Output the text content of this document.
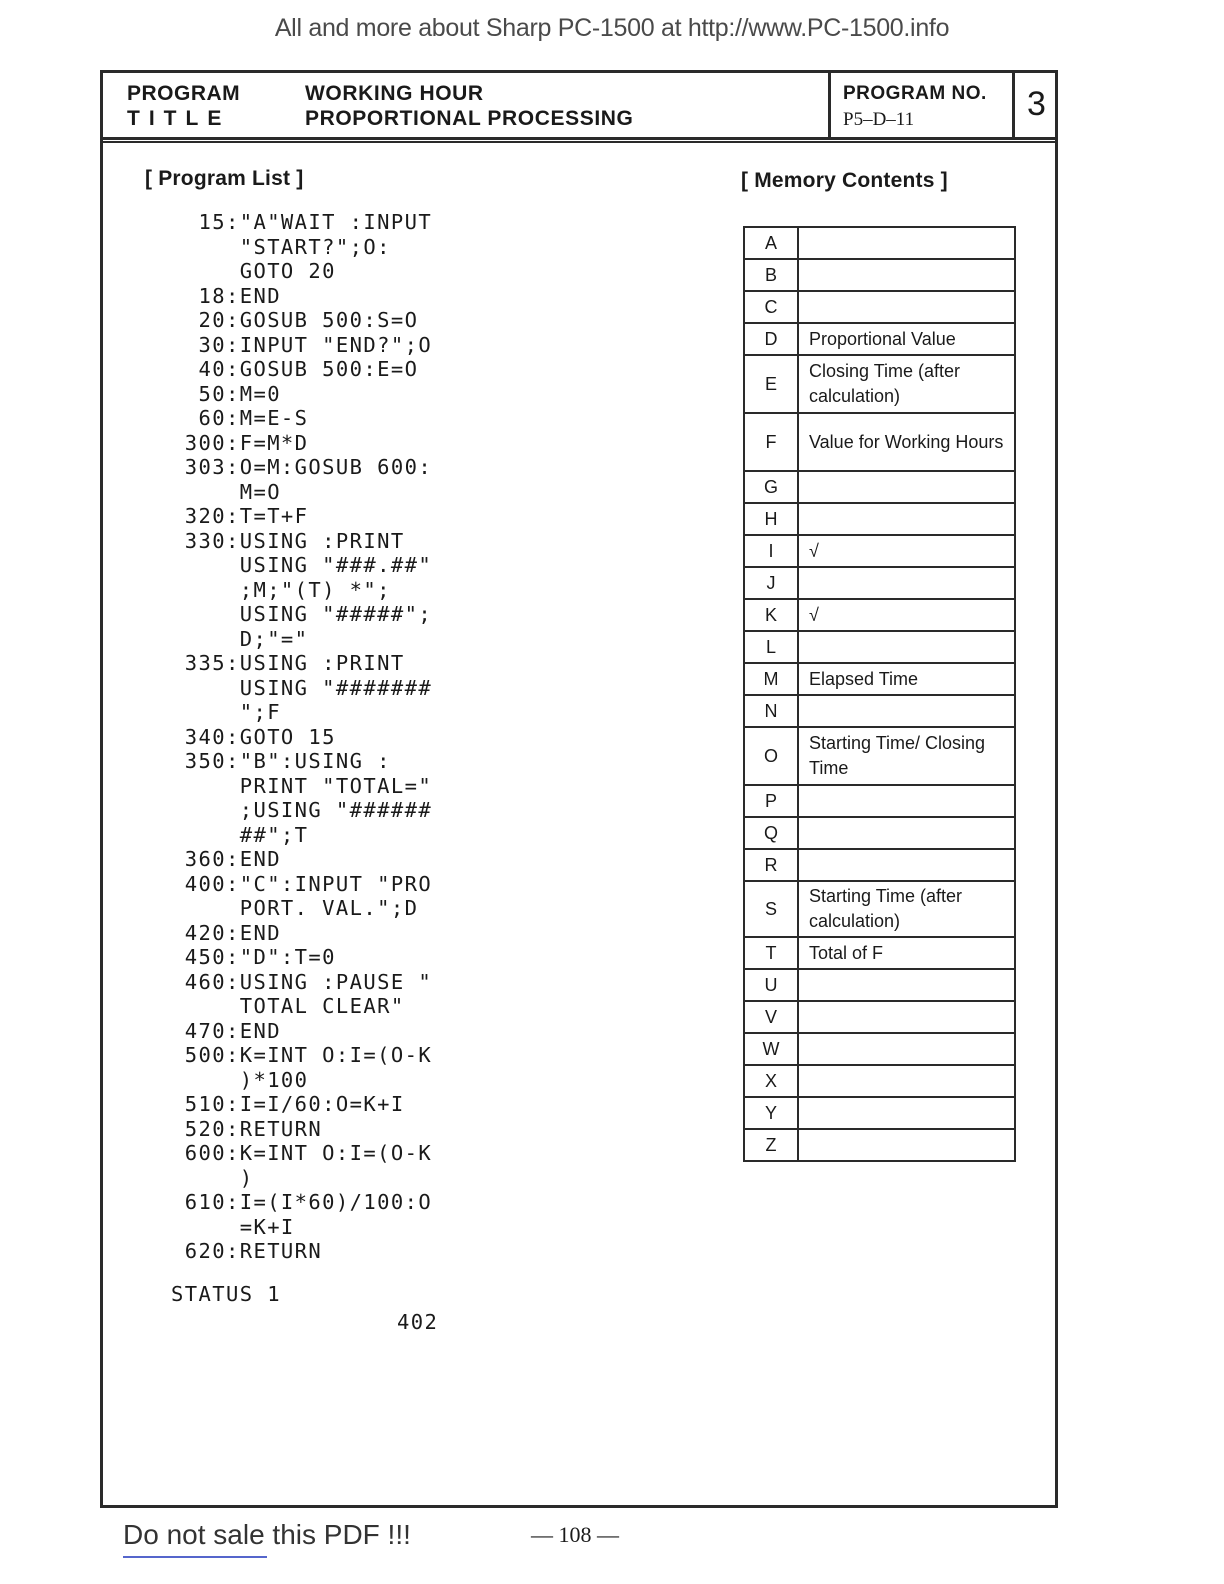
All and more about Sharp PC-1500 at http://www.PC-1500.info
PROGRAM
TITLE
WORKING HOUR
PROPORTIONAL PROCESSING
PROGRAM NO.
P5–D–11	3
[ Program List ]
15:"A"WAIT :INPUT
"START?";O:
GOTO 20
18:END
20:GOSUB 500:S=O
30:INPUT "END?";O
40:GOSUB 500:E=O
50:M=0
60:M=E-S
300:F=M*D
303:O=M:GOSUB 600:
M=O
320:T=T+F
330:USING :PRINT
USING "###.##"
;M;"(T) *";
USING "#####";
D;"="
335:USING :PRINT
USING "#######
";F
340:GOTO 15
350:"B":USING :
PRINT "TOTAL="
;USING "######
##";T
360:END
400:"C":INPUT "PRO
PORT. VAL.";D
420:END
450:"D":T=0
460:USING :PAUSE "
TOTAL CLEAR"
470:END
500:K=INT O:I=(O-K
)*100
510:I=I/60:O=K+I
520:RETURN
600:K=INT O:I=(O-K
)
610:I=(I*60)/100:O
=K+I
620:RETURN
STATUS 1
402
[ Memory Contents ]
A	
B	
C	
D	Proportional Value
E	Closing Time (after calculation)
F	Value for Working Hours
G	
H	
I	√
J	
K	√
L	
M	Elapsed Time
N	
O	Starting Time/ Closing Time
P	
Q	
R	
S	Starting Time (after calculation)
T	Total of F
U	
V	
W	
X	
Y	
Z	
Do not sale this PDF !!!	— 108 —
